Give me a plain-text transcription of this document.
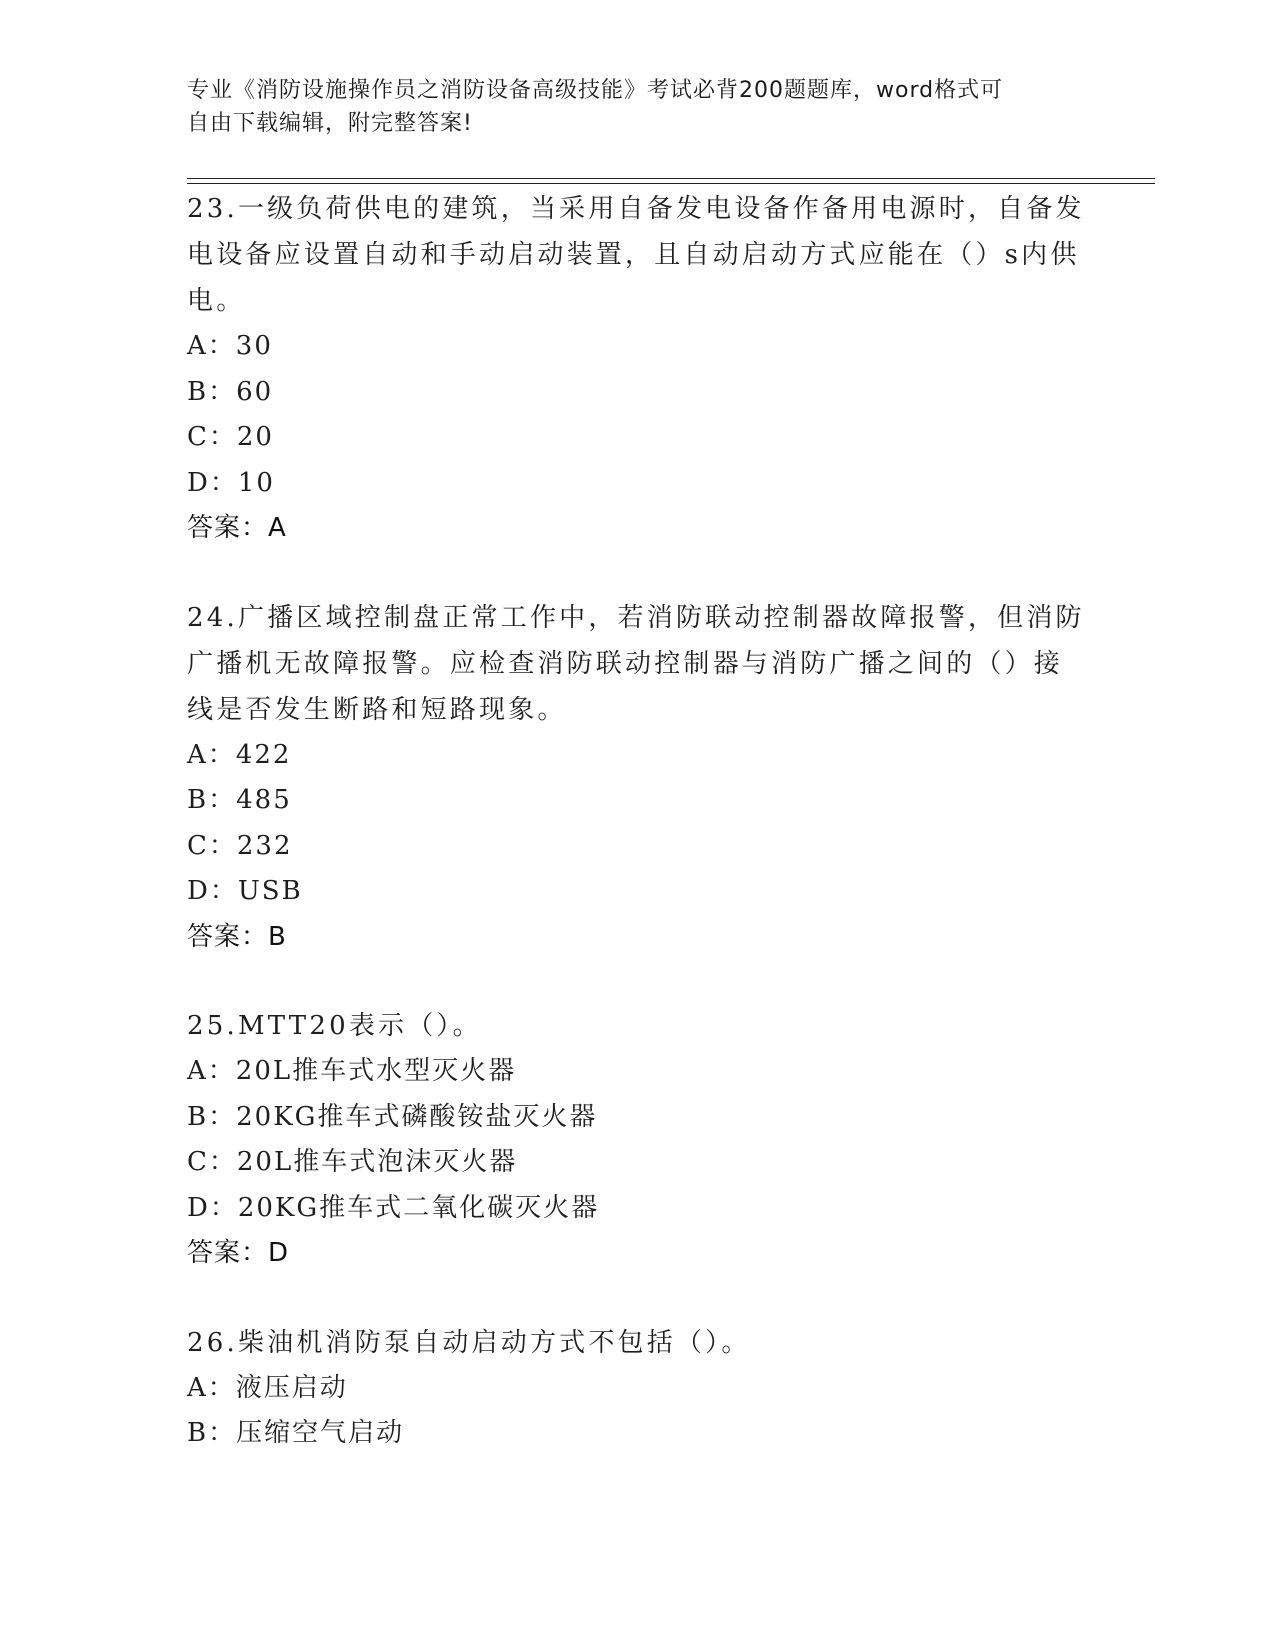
专业《消防设施操作员之消防设备高级技能》考试必背200题题库，word格式可
自由下载编辑，附完整答案!
23.一级负荷供电的建筑，当采用自备发电设备作备用电源时，自备发
电设备应设置自动和手动启动装置，且自动启动方式应能在（）s内供
电。
A：30
B：60
C：20
D：10
答案：A
24.广播区域控制盘正常工作中，若消防联动控制器故障报警，但消防
广播机无故障报警。应检查消防联动控制器与消防广播之间的（）接
线是否发生断路和短路现象。
A：422
B：485
C：232
D：USB
答案：B
25.MTT20表示（）。
A：20L推车式水型灭火器
B：20KG推车式磷酸铵盐灭火器
C：20L推车式泡沫灭火器
D：20KG推车式二氧化碳灭火器
答案：D
26.柴油机消防泵自动启动方式不包括（）。
A：液压启动
B：压缩空气启动
